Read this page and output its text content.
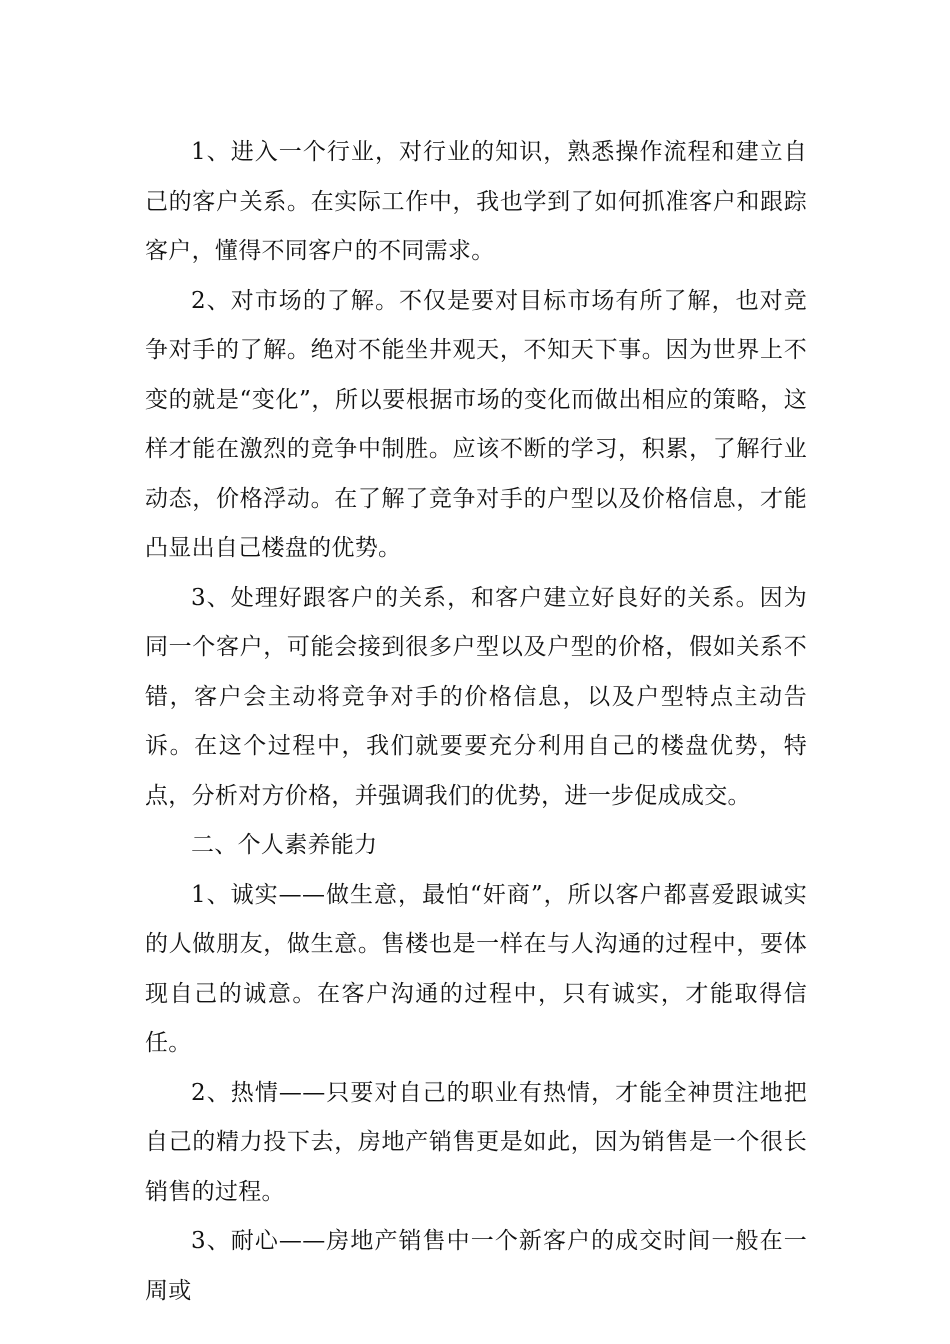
1、进入一个行业，对行业的知识，熟悉操作流程和建立自己的客户关系。在实际工作中，我也学到了如何抓准客户和跟踪客户，懂得不同客户的不同需求。

2、对市场的了解。不仅是要对目标市场有所了解，也对竞争对手的了解。绝对不能坐井观天，不知天下事。因为世界上不变的就是“变化”，所以要根据市场的变化而做出相应的策略，这样才能在激烈的竞争中制胜。应该不断的学习，积累，了解行业动态，价格浮动。在了解了竞争对手的户型以及价格信息，才能凸显出自己楼盘的优势。

3、处理好跟客户的关系，和客户建立好良好的关系。因为同一个客户，可能会接到很多户型以及户型的价格，假如关系不错，客户会主动将竞争对手的价格信息，以及户型特点主动告诉。在这个过程中，我们就要要充分利用自己的楼盘优势，特点，分析对方价格，并强调我们的优势，进一步促成成交。

二、个人素养能力

1、诚实——做生意，最怕“奸商”，所以客户都喜爱跟诚实的人做朋友，做生意。售楼也是一样在与人沟通的过程中，要体现自己的诚意。在客户沟通的过程中，只有诚实，才能取得信任。

2、热情——只要对自己的职业有热情，才能全神贯注地把自己的精力投下去，房地产销售更是如此，因为销售是一个很长销售的过程。

3、耐心——房地产销售中一个新客户的成交时间一般在一周或
